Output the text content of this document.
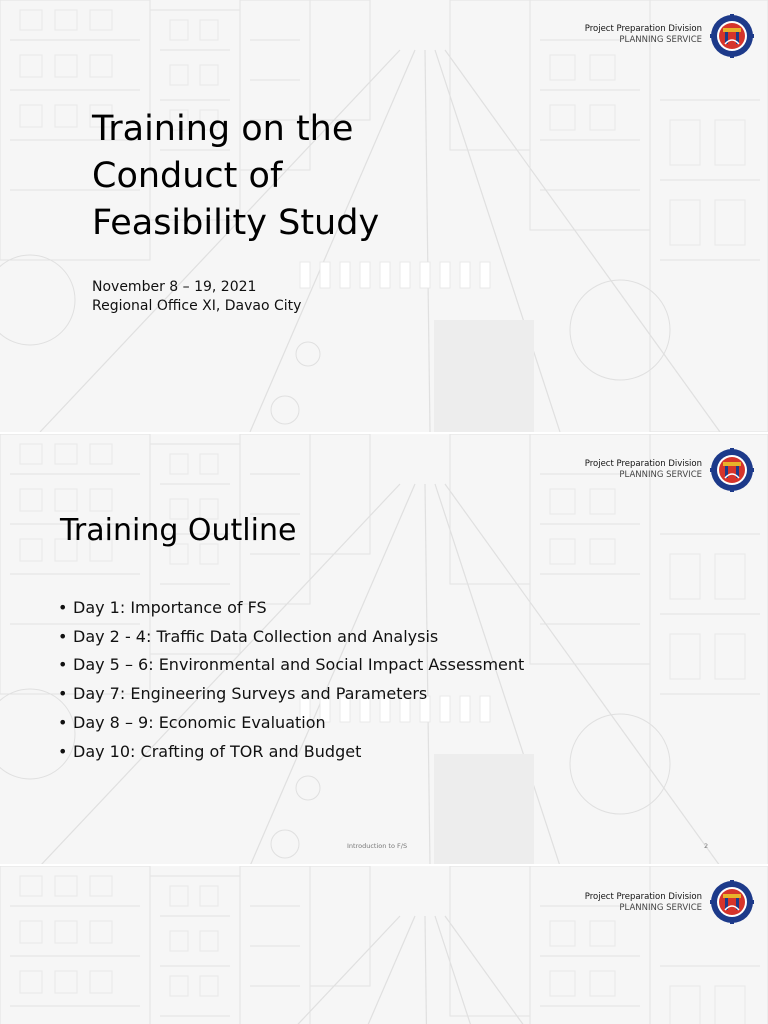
Project Preparation Division
PLANNING SERVICE
Training on the
Conduct of
Feasibility Study
November 8 – 19, 2021
Regional Office XI, Davao City
Project Preparation Division
PLANNING SERVICE
Training Outline
• Day 1: Importance of FS
• Day 2 - 4: Traffic Data Collection and Analysis
• Day 5 – 6: Environmental and Social Impact Assessment
• Day 7: Engineering Surveys and Parameters
• Day 8 – 9: Economic Evaluation
• Day 10: Crafting of TOR and Budget
Introduction to F/S	2
Project Preparation Division
PLANNING SERVICE
